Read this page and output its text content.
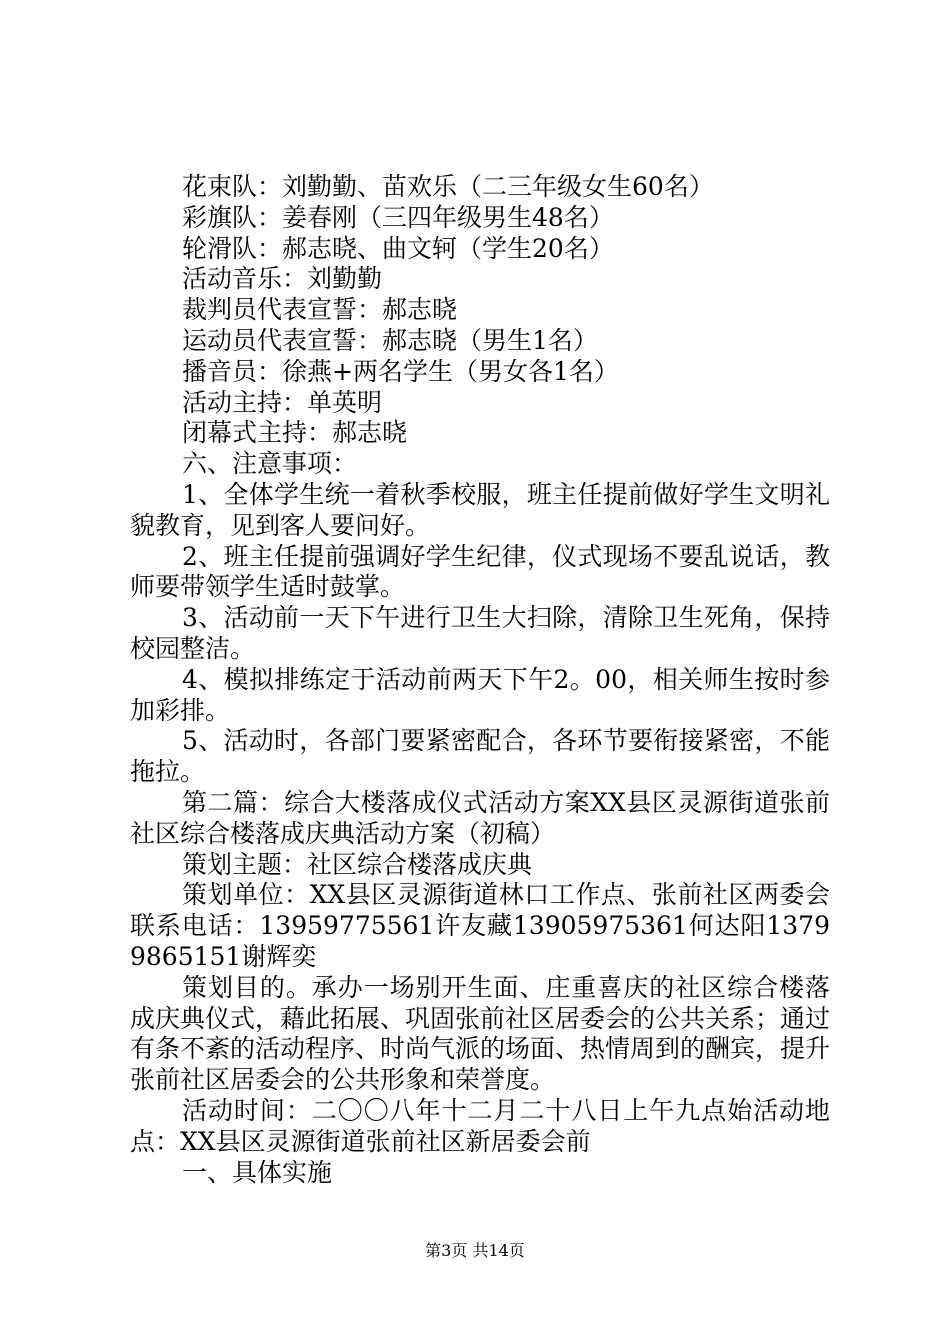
花束队：刘勤勤、苗欢乐（二三年级女生60名）

彩旗队：姜春刚（三四年级男生48名）

轮滑队：郝志晓、曲文轲（学生20名）

活动音乐：刘勤勤

裁判员代表宣誓：郝志晓

运动员代表宣誓：郝志晓（男生1名）

播音员：徐燕+两名学生（男女各1名）

活动主持：单英明

闭幕式主持：郝志晓

六、注意事项：

1、全体学生统一着秋季校服，班主任提前做好学生文明礼貌教育，见到客人要问好。

2、班主任提前强调好学生纪律，仪式现场不要乱说话，教师要带领学生适时鼓掌。

3、活动前一天下午进行卫生大扫除，清除卫生死角，保持校园整洁。

4、模拟排练定于活动前两天下午2。00，相关师生按时参加彩排。

5、活动时，各部门要紧密配合，各环节要衔接紧密，不能拖拉。

第二篇：综合大楼落成仪式活动方案XX县区灵源街道张前社区综合楼落成庆典活动方案（初稿）

策划主题：社区综合楼落成庆典

策划单位：XX县区灵源街道林口工作点、张前社区两委会联系电话：13959775561许友藏13905975361何达阳13799865151谢辉奕

策划目的。承办一场别开生面、庄重喜庆的社区综合楼落成庆典仪式，藉此拓展、巩固张前社区居委会的公共关系；通过有条不紊的活动程序、时尚气派的场面、热情周到的酬宾，提升张前社区居委会的公共形象和荣誉度。

活动时间：二〇〇八年十二月二十八日上午九点始活动地点：XX县区灵源街道张前社区新居委会前

一、具体实施

第3页 共14页
